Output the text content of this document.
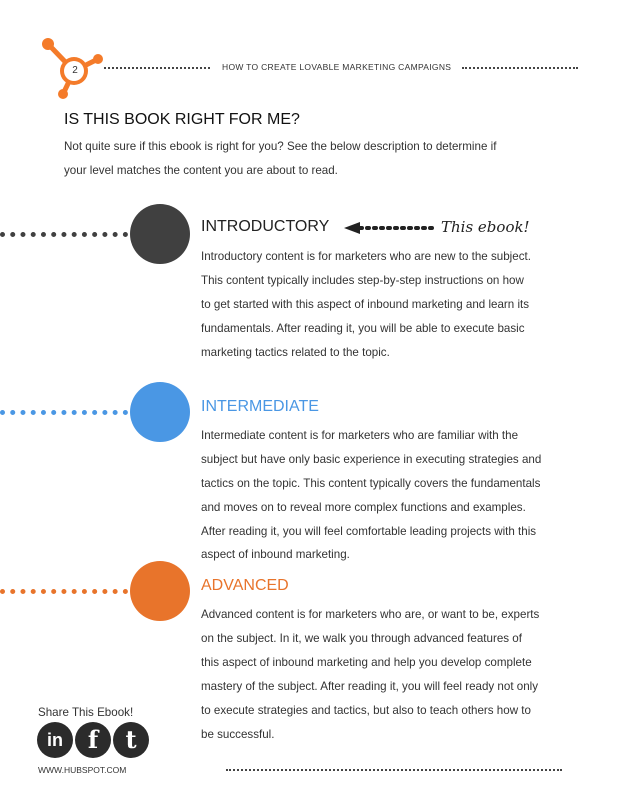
2	HOW TO CREATE LOVABLE MARKETING CAMPAIGNS
IS THIS BOOK RIGHT FOR ME?
Not quite sure if this ebook is right for you? See the below description to determine if
your level matches the content you are about to read.
INTRODUCTORY	This ebook!
Introductory content is for marketers who are new to the subject.
This content typically includes step-by-step instructions on how
to get started with this aspect of inbound marketing and learn its
fundamentals. After reading it, you will be able to execute basic
marketing tactics related to the topic.
INTERMEDIATE
Intermediate content is for marketers who are familiar with the
subject but have only basic experience in executing strategies and
tactics on the topic. This content typically covers the fundamentals
and moves on to reveal more complex functions and examples.
After reading it, you will feel comfortable leading projects with this
aspect of inbound marketing.
ADVANCED
Advanced content is for marketers who are, or want to be, experts
on the subject. In it, we walk you through advanced features of
this aspect of inbound marketing and help you develop complete
mastery of the subject. After reading it, you will feel ready not only
to execute strategies and tactics, but also to teach others how to
be successful.
Share This Ebook!
in	f	t
WWW.HUBSPOT.COM
